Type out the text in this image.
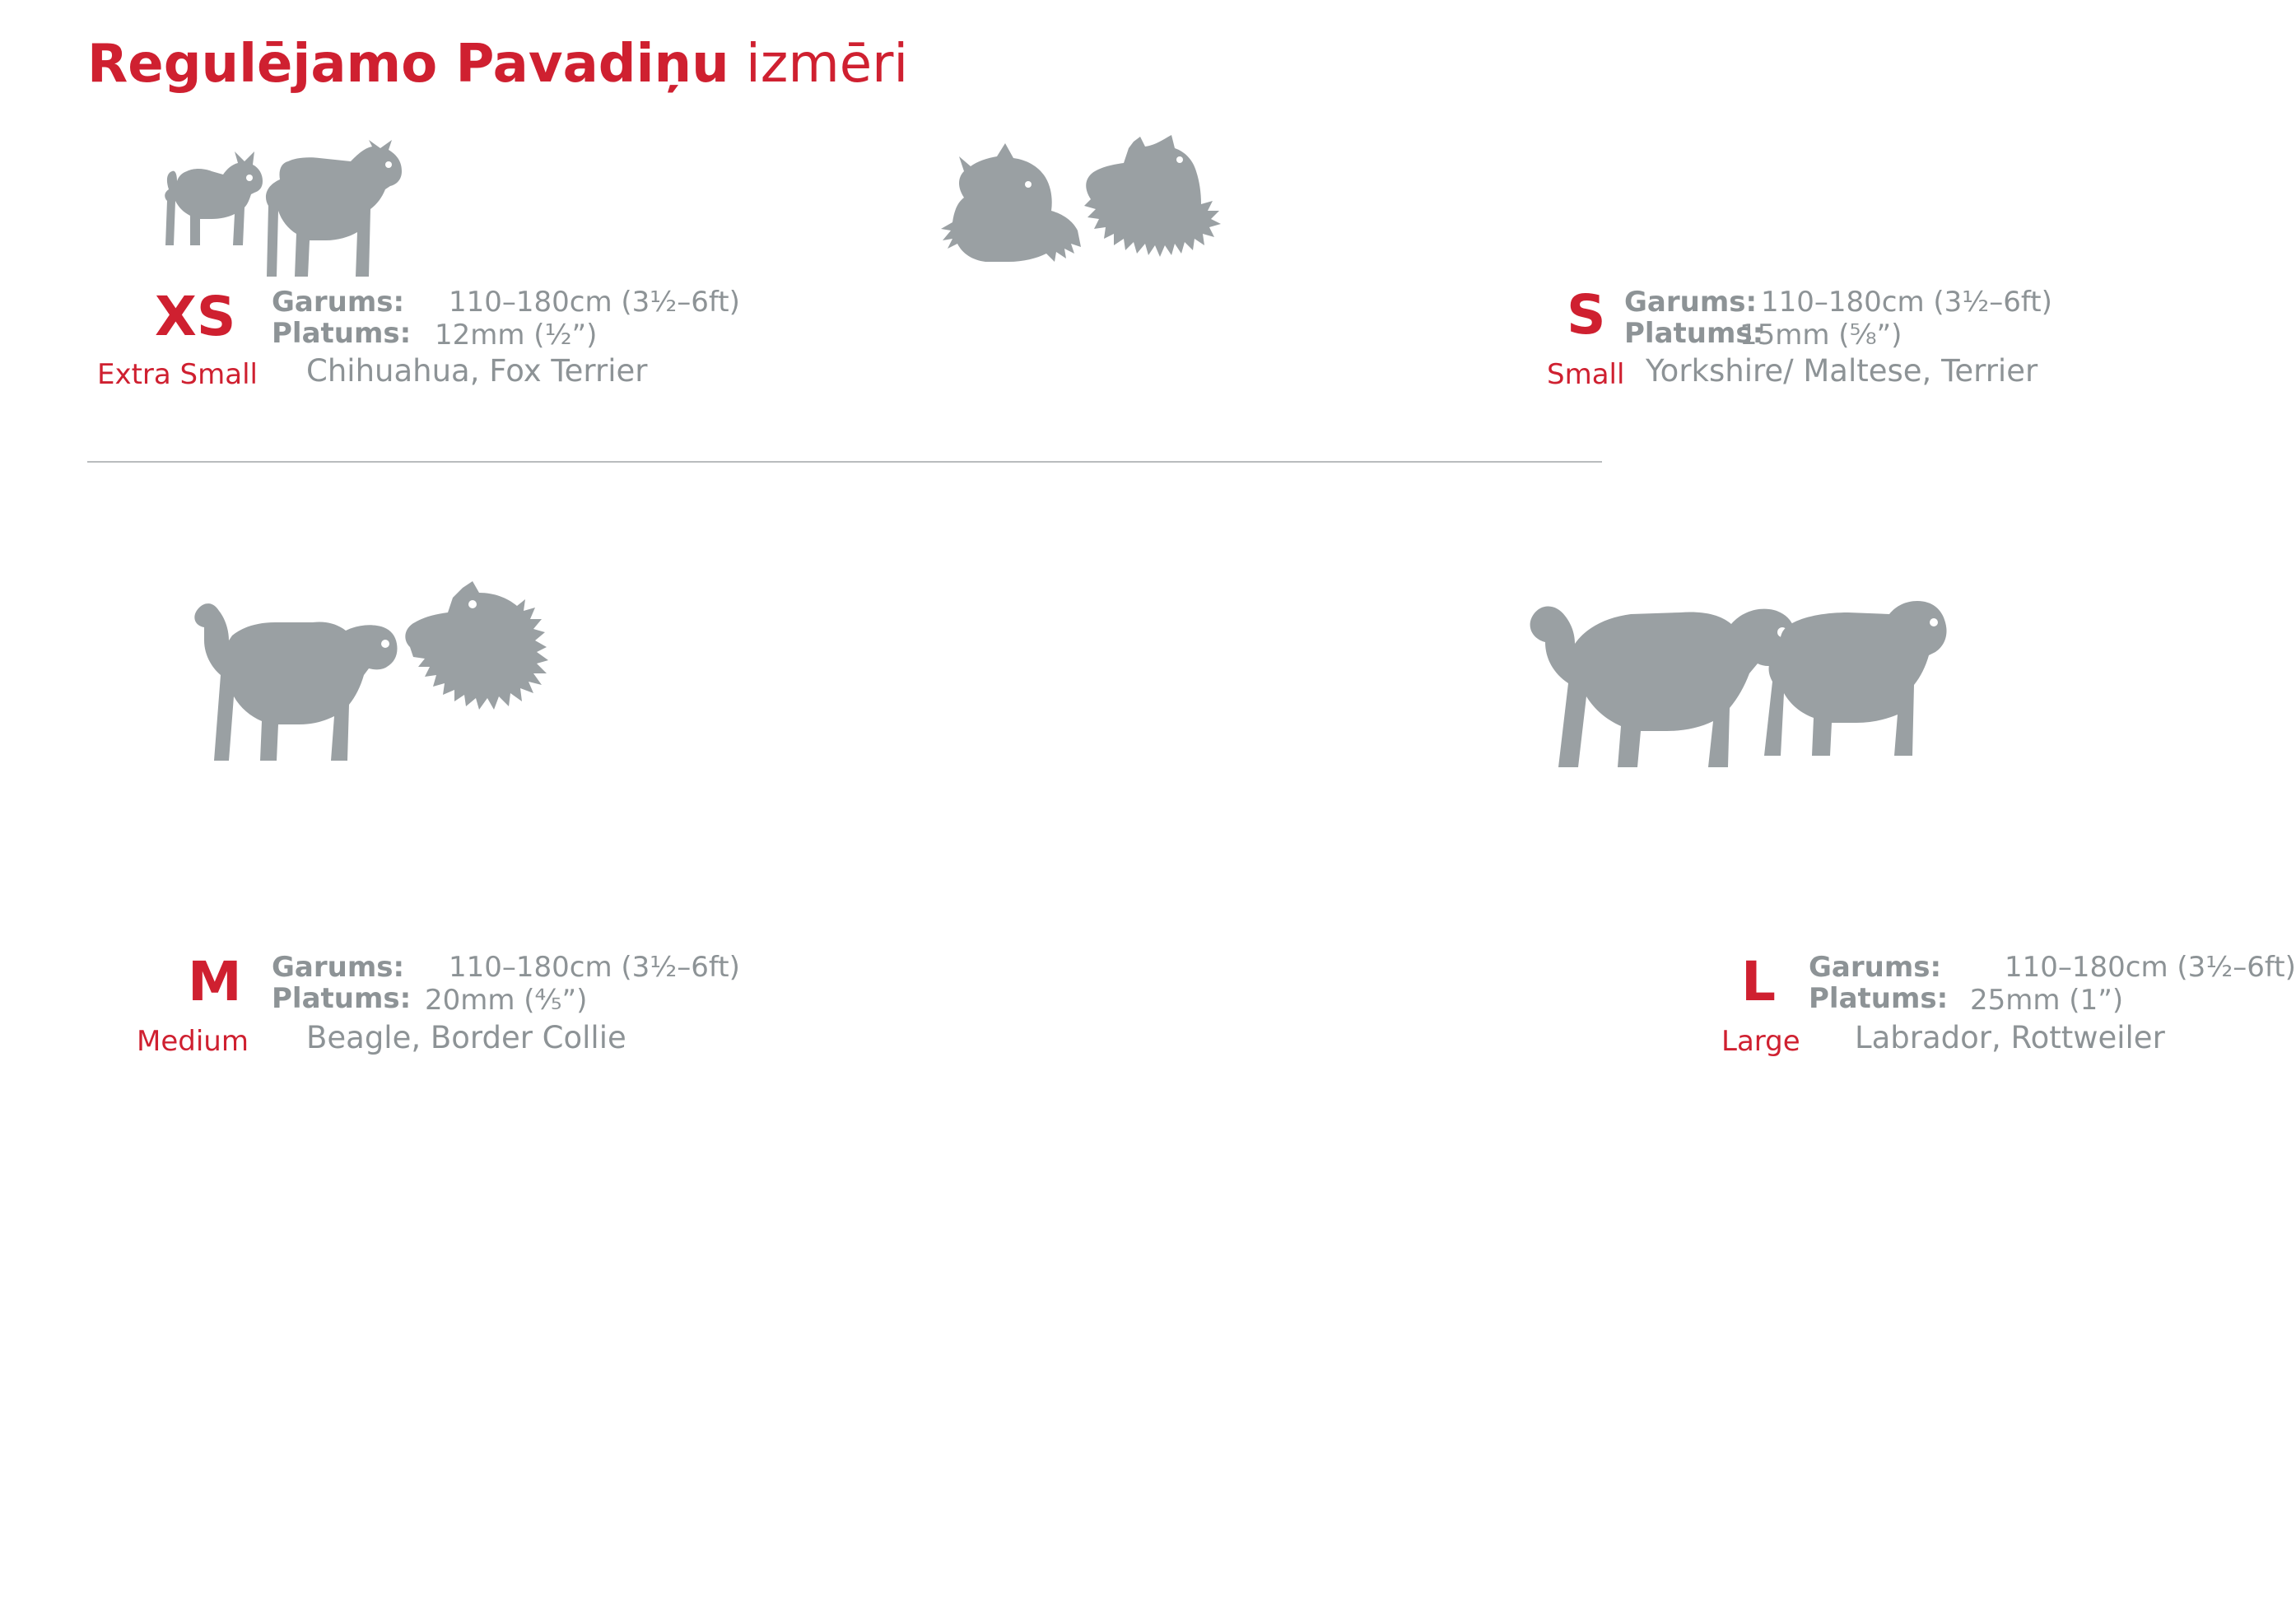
Regulējamo Pavadiņu izmēri
XS
Extra Small
Garums: 110–180cm (3½–6ft)
Platums: 12mm (½”)
Chihuahua, Fox Terrier
S
Small
Garums: 110–180cm (3½–6ft)
Platums:
15mm (⅝”)
Yorkshire/ Maltese, Terrier
M
Medium
Garums: 110–180cm (3½–6ft)
Platums: 20mm (⅘”)
Beagle, Border Collie
L
Large
Garums: 110–180cm (3½–6ft)
Platums: 25mm (1”)
Labrador, Rottweiler
